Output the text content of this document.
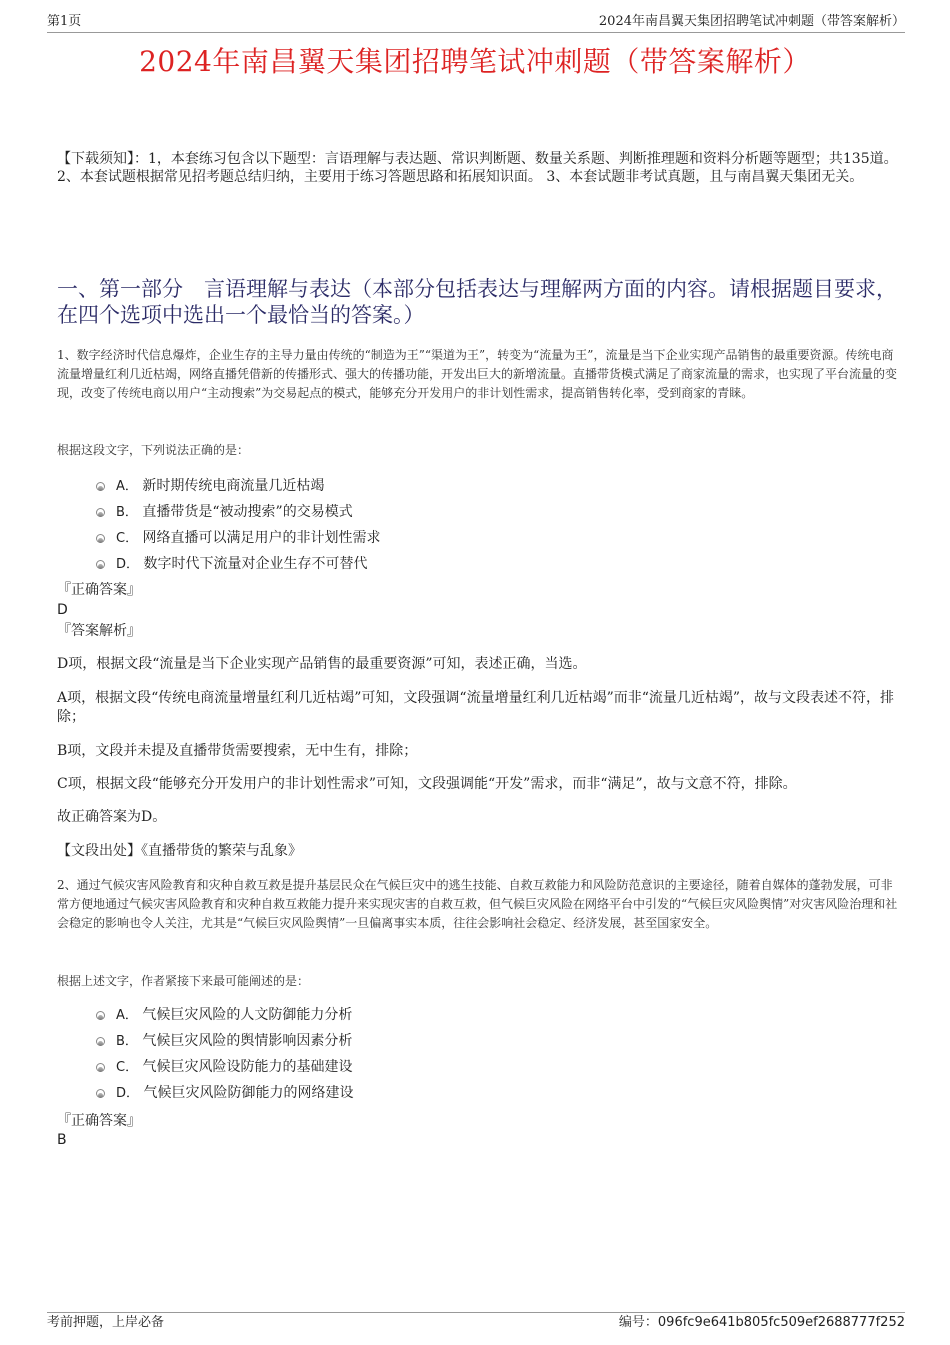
第1页	2024年南昌翼天集团招聘笔试冲刺题（带答案解析）
2024年南昌翼天集团招聘笔试冲刺题（带答案解析）
【下载须知】：1，本套练习包含以下题型：言语理解与表达题、常识判断题、数量关系题、判断推理题和资料分析题等题型；共135道。 2、本套试题根据常见招考题总结归纳，主要用于练习答题思路和拓展知识面。 3、本套试题非考试真题，且与南昌翼天集团无关。
一、第一部分　言语理解与表达（本部分包括表达与理解两方面的内容。请根据题目要求，在四个选项中选出一个最恰当的答案。）
1、数字经济时代信息爆炸，企业生存的主导力量由传统的“制造为王”“渠道为王”，转变为“流量为王”，流量是当下企业实现产品销售的最重要资源。传统电商流量增量红利几近枯竭，网络直播凭借新的传播形式、强大的传播功能，开发出巨大的新增流量。直播带货模式满足了商家流量的需求，也实现了平台流量的变现，改变了传统电商以用户“主动搜索”为交易起点的模式，能够充分开发用户的非计划性需求，提高销售转化率，受到商家的青睐。
根据这段文字，下列说法正确的是：
A． 新时期传统电商流量几近枯竭
B． 直播带货是“被动搜索”的交易模式
C． 网络直播可以满足用户的非计划性需求
D． 数字时代下流量对企业生存不可替代
『正确答案』
D
『答案解析』
D项，根据文段“流量是当下企业实现产品销售的最重要资源”可知，表述正确，当选。
A项，根据文段“传统电商流量增量红利几近枯竭”可知，文段强调“流量增量红利几近枯竭”而非“流量几近枯竭”，故与文段表述不符，排除；
B项，文段并未提及直播带货需要搜索，无中生有，排除；
C项，根据文段“能够充分开发用户的非计划性需求”可知，文段强调能“开发”需求，而非“满足”，故与文意不符，排除。
故正确答案为D。
【文段出处】《直播带货的繁荣与乱象》
2、通过气候灾害风险教育和灾种自救互救是提升基层民众在气候巨灾中的逃生技能、自救互救能力和风险防范意识的主要途径，随着自媒体的蓬勃发展，可非常方便地通过气候灾害风险教育和灾种自救互救能力提升来实现灾害的自救互救，但气候巨灾风险在网络平台中引发的“气候巨灾风险舆情”对灾害风险治理和社会稳定的影响也令人关注，尤其是“气候巨灾风险舆情”一旦偏离事实本质，往往会影响社会稳定、经济发展，甚至国家安全。
根据上述文字，作者紧接下来最可能阐述的是：
A． 气候巨灾风险的人文防御能力分析
B． 气候巨灾风险的舆情影响因素分析
C． 气候巨灾风险设防能力的基础建设
D． 气候巨灾风险防御能力的网络建设
『正确答案』
B
考前押题，上岸必备	编号：096fc9e641b805fc509ef2688777f252
